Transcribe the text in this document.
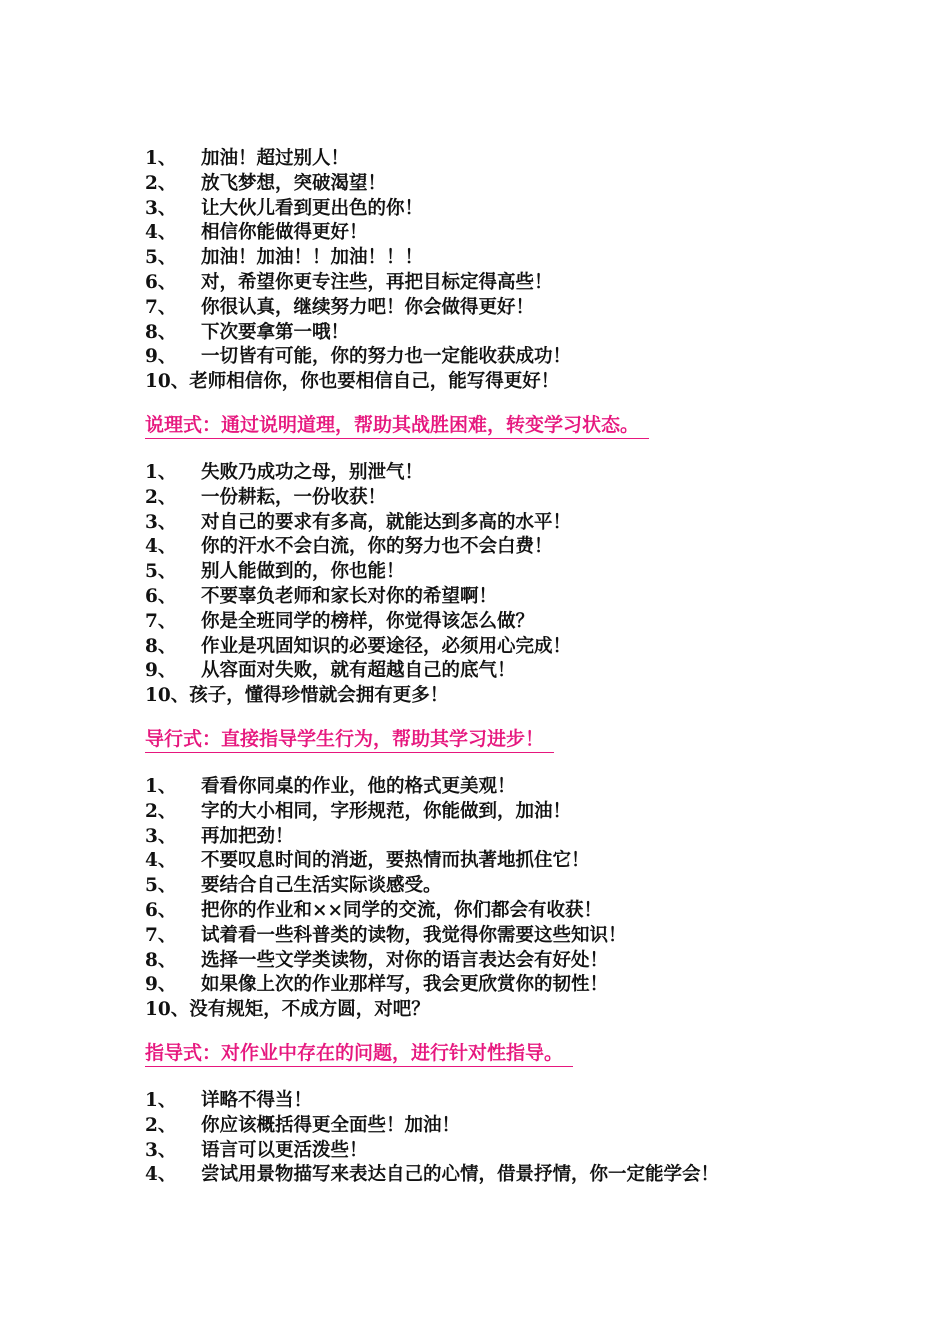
1、	加油！超过别人！
2、	放飞梦想，突破渴望！
3、	让大伙儿看到更出色的你！
4、	相信你能做得更好！
5、	加油！加油！！加油！！！
6、	对，希望你更专注些，再把目标定得高些！
7、	你很认真，继续努力吧！你会做得更好！
8、	下次要拿第一哦！
9、	一切皆有可能，你的努力也一定能收获成功！
10、 老师相信你，你也要相信自己，能写得更好！
说理式：通过说明道理，帮助其战胜困难，转变学习状态。
1、	失败乃成功之母，别泄气！
2、	一份耕耘，一份收获！
3、	对自己的要求有多高，就能达到多高的水平！
4、	你的汗水不会白流，你的努力也不会白费！
5、	别人能做到的，你也能！
6、	不要辜负老师和家长对你的希望啊！
7、	你是全班同学的榜样，你觉得该怎么做？
8、	作业是巩固知识的必要途径，必须用心完成！
9、	从容面对失败，就有超越自己的底气！
10、 孩子，懂得珍惜就会拥有更多！
导行式：直接指导学生行为，帮助其学习进步！
1、	看看你同桌的作业，他的格式更美观！
2、	字的大小相同，字形规范，你能做到，加油！
3、	再加把劲！
4、	不要叹息时间的消逝，要热情而执著地抓住它！
5、	要结合自己生活实际谈感受。
6、	把你的作业和××同学的交流，你们都会有收获！
7、	试着看一些科普类的读物，我觉得你需要这些知识！
8、	选择一些文学类读物，对你的语言表达会有好处！
9、	如果像上次的作业那样写，我会更欣赏你的韧性！
10、 没有规矩，不成方圆，对吧？
指导式：对作业中存在的问题，进行针对性指导。
1、	详略不得当！
2、	你应该概括得更全面些！加油！
3、	语言可以更活泼些！
4、	尝试用景物描写来表达自己的心情，借景抒情，你一定能学会！
